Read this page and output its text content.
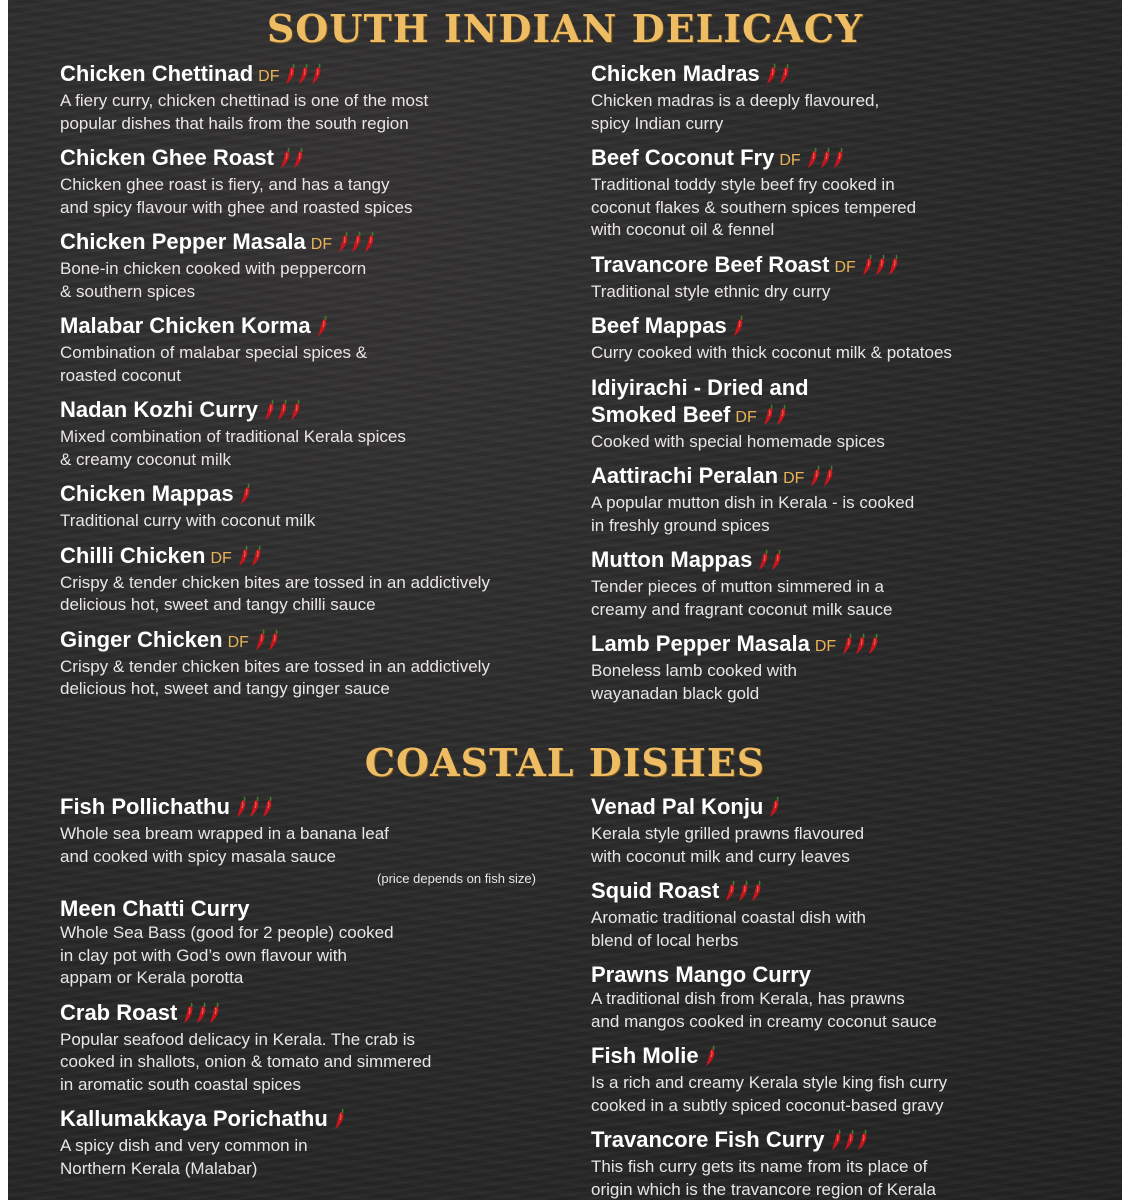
SOUTH INDIAN DELICACY
Chicken Chettinad DF
A fiery curry, chicken chettinad is one of the most
popular dishes that hails from the south region
Chicken Ghee Roast
Chicken ghee roast is fiery, and has a tangy
and spicy flavour with ghee and roasted spices
Chicken Pepper Masala DF
Bone-in chicken cooked with peppercorn
& southern spices
Malabar Chicken Korma
Combination of malabar special spices &
roasted coconut
Nadan Kozhi Curry
Mixed combination of traditional Kerala spices
& creamy coconut milk
Chicken Mappas
Traditional curry with coconut milk
Chilli Chicken DF
Crispy & tender chicken bites are tossed in an addictively
delicious hot, sweet and tangy chilli sauce
Ginger Chicken DF
Crispy & tender chicken bites are tossed in an addictively
delicious hot, sweet and tangy ginger sauce
Chicken Madras
Chicken madras is a deeply flavoured,
spicy Indian curry
Beef Coconut Fry DF
Traditional toddy style beef fry cooked in
coconut flakes & southern spices tempered
with coconut oil & fennel
Travancore Beef Roast DF
Traditional style ethnic dry curry
Beef Mappas
Curry cooked with thick coconut milk & potatoes
Idiyirachi - Dried and Smoked Beef DF
Cooked with special homemade spices
Aattirachi Peralan DF
A popular mutton dish in Kerala - is cooked
in freshly ground spices
Mutton Mappas
Tender pieces of mutton simmered in a
creamy and fragrant coconut milk sauce
Lamb Pepper Masala DF
Boneless lamb cooked with
wayanadan black gold
COASTAL DISHES
Fish Pollichathu
Whole sea bream wrapped in a banana leaf
and cooked with spicy masala sauce
(price depends on fish size)
Meen Chatti Curry
Whole Sea Bass (good for 2 people) cooked
in clay pot with God’s own flavour with
appam or Kerala porotta
Crab Roast
Popular seafood delicacy in Kerala. The crab is
cooked in shallots, onion & tomato and simmered
in aromatic south coastal spices
Kallumakkaya Porichathu
A spicy dish and very common in
Northern Kerala (Malabar)
Venad Pal Konju
Kerala style grilled prawns flavoured
with coconut milk and curry leaves
Squid Roast
Aromatic traditional coastal dish with
blend of local herbs
Prawns Mango Curry
A traditional dish from Kerala, has prawns
and mangos cooked in creamy coconut sauce
Fish Molie
Is a rich and creamy Kerala style king fish curry
cooked in a subtly spiced coconut-based gravy
Travancore Fish Curry
This fish curry gets its name from its place of
origin which is the travancore region of Kerala
